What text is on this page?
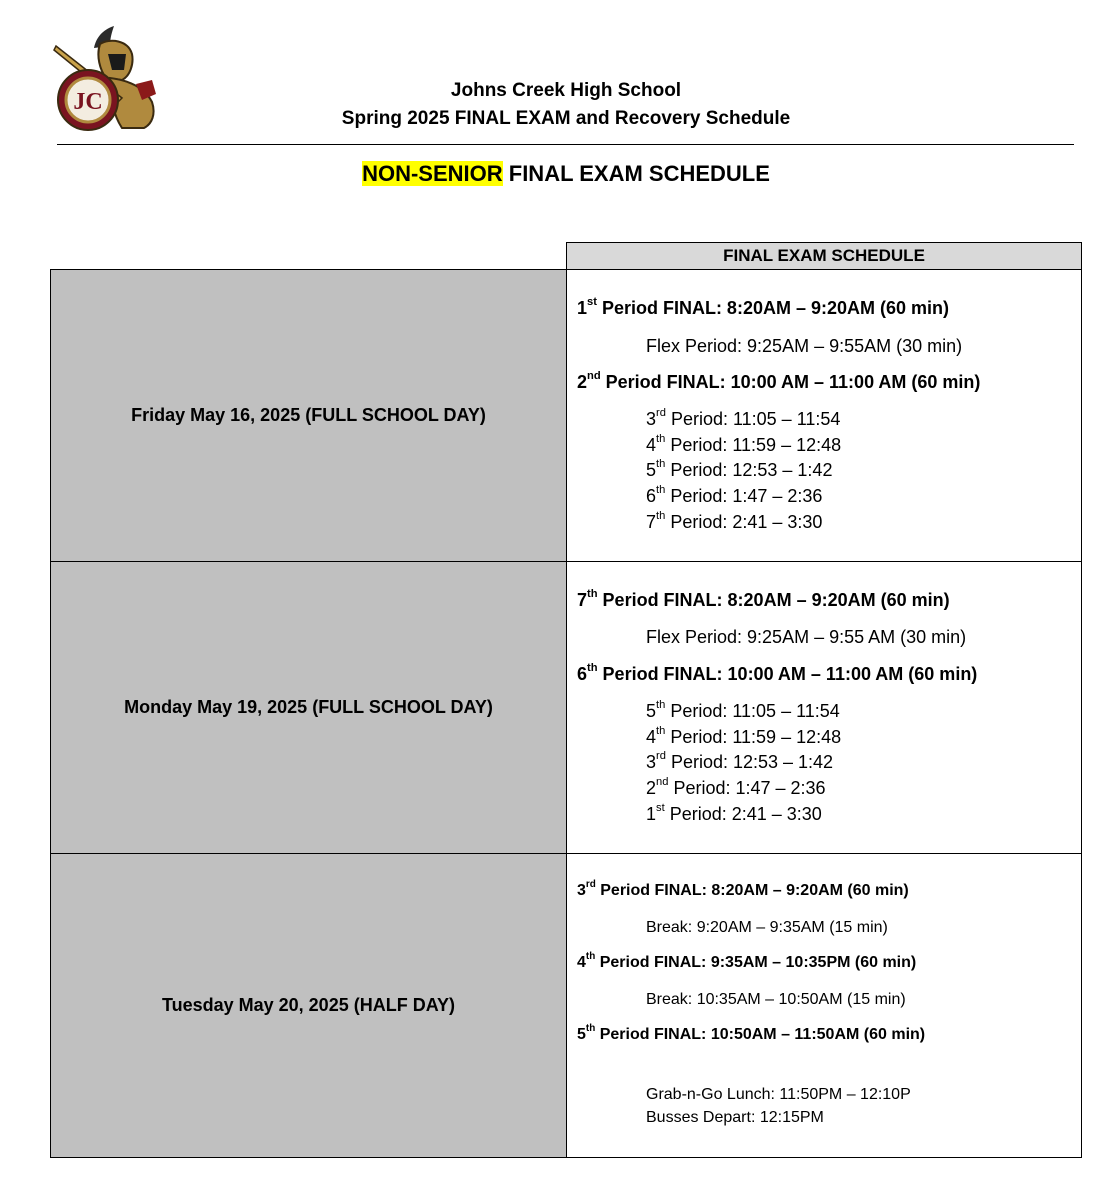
JC	Johns Creek High School
Spring 2025 FINAL EXAM and Recovery Schedule
NON-SENIOR FINAL EXAM SCHEDULE
FINAL EXAM SCHEDULE
Friday May 16, 2025 (FULL SCHOOL DAY)
1st Period FINAL: 8:20AM – 9:20AM (60 min)
Flex Period: 9:25AM – 9:55AM (30 min)
2nd Period FINAL: 10:00 AM – 11:00 AM (60 min)
3rd Period: 11:05 – 11:54
4th Period: 11:59 – 12:48
5th Period: 12:53 – 1:42
6th Period: 1:47 – 2:36
7th Period: 2:41 – 3:30
Monday May 19, 2025 (FULL SCHOOL DAY)
7th Period FINAL: 8:20AM – 9:20AM (60 min)
Flex Period: 9:25AM – 9:55 AM (30 min)
6th Period FINAL: 10:00 AM – 11:00 AM (60 min)
5th Period: 11:05 – 11:54
4th Period: 11:59 – 12:48
3rd Period: 12:53 – 1:42
2nd Period: 1:47 – 2:36
1st Period: 2:41 – 3:30
Tuesday May 20, 2025 (HALF DAY)
3rd Period FINAL: 8:20AM – 9:20AM (60 min)
Break: 9:20AM – 9:35AM (15 min)
4th Period FINAL: 9:35AM – 10:35PM (60 min)
Break: 10:35AM – 10:50AM (15 min)
5th Period FINAL: 10:50AM – 11:50AM (60 min)
Grab-n-Go Lunch: 11:50PM – 12:10P
Busses Depart: 12:15PM
